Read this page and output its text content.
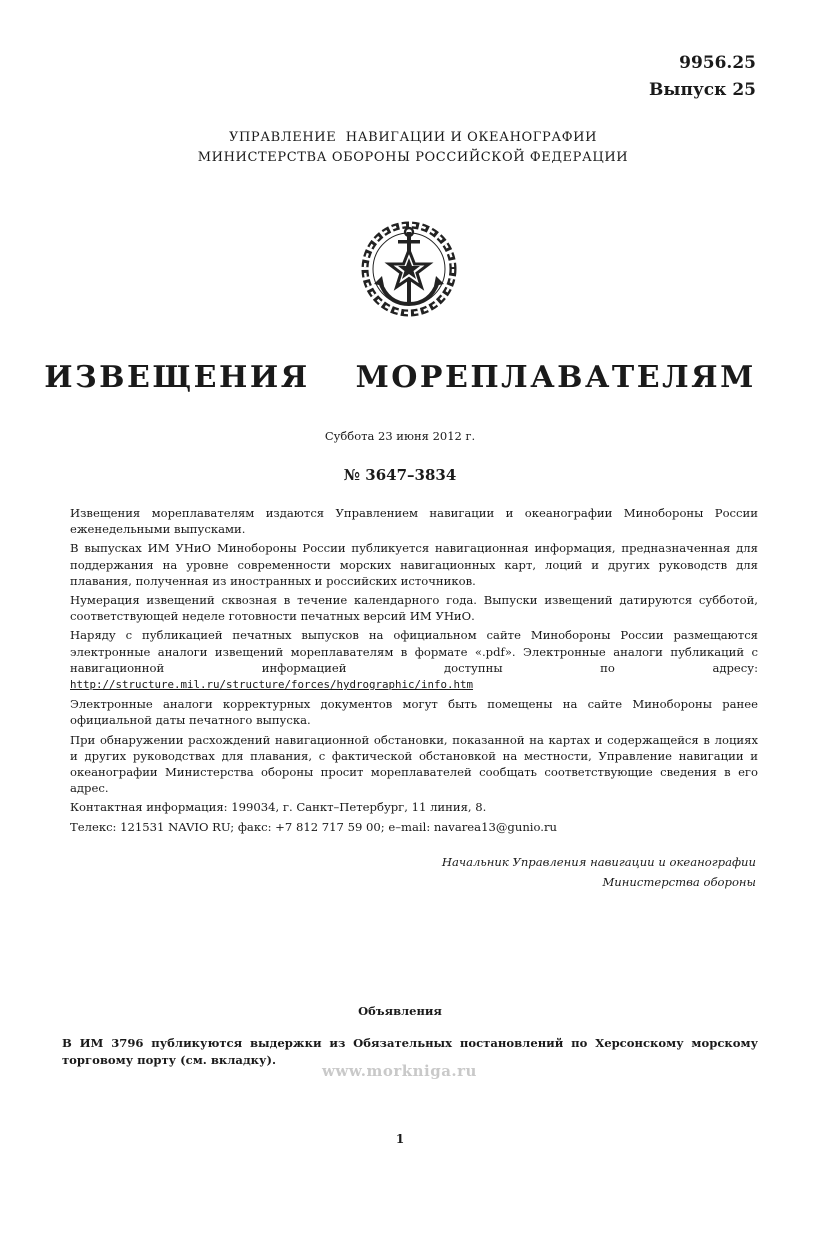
9956.25
Выпуск 25
УПРАВЛЕНИЕ  НАВИГАЦИИ И ОКЕАНОГРАФИИ
МИНИСТЕРСТВА ОБОРОНЫ РОССИЙСКОЙ ФЕДЕРАЦИИ
ИЗВЕЩЕНИЯ  МОРЕПЛАВАТЕЛЯМ
Суббота 23 июня 2012 г.
№ 3647–3834

Извещения мореплавателям издаются Управлением навигации и океанографии Минобороны России еженедельными выпусками.

В выпусках ИМ УНиО Минобороны России публикуется навигационная информация, предназначенная для поддержания на уровне современности морских навигационных карт, лоций и других руководств для плавания, полученная из иностранных и российских источников.

Нумерация извещений сквозная в течение календарного года. Выпуски извещений датируются субботой, соответствующей неделе готовности печатных версий ИМ УНиО.

Наряду с публикацией печатных выпусков на официальном сайте Минобороны России размещаются электронные аналоги извещений мореплавателям в формате «.pdf». Электронные аналоги публикаций с навигационной информацией доступны по адресу: http://structure.mil.ru/structure/forces/hydrographic/info.htm

Электронные аналоги корректурных документов могут быть помещены на сайте Минобороны ранее официальной даты печатного выпуска.

При обнаружении расхождений навигационной обстановки, показанной на картах и содержащейся в лоциях и других руководствах для плавания, с фактической обстановкой на местности, Управление навигации и океанографии Министерства обороны просит мореплавателей сообщать соответствующие сведения в его адрес.

Контактная информация: 199034, г. Санкт–Петербург, 11 линия, 8.

Телекс: 121531 NAVIO RU; факс: +7 812 717 59 00; e–mail: navarea13@gunio.ru

Начальник Управления навигации и океанографии
Министерства обороны
Объявления
В ИМ 3796 публикуются выдержки из Обязательных постановлений по Херсонскому морскому торговому порту (см. вкладку).
www.morkniga.ru
1
